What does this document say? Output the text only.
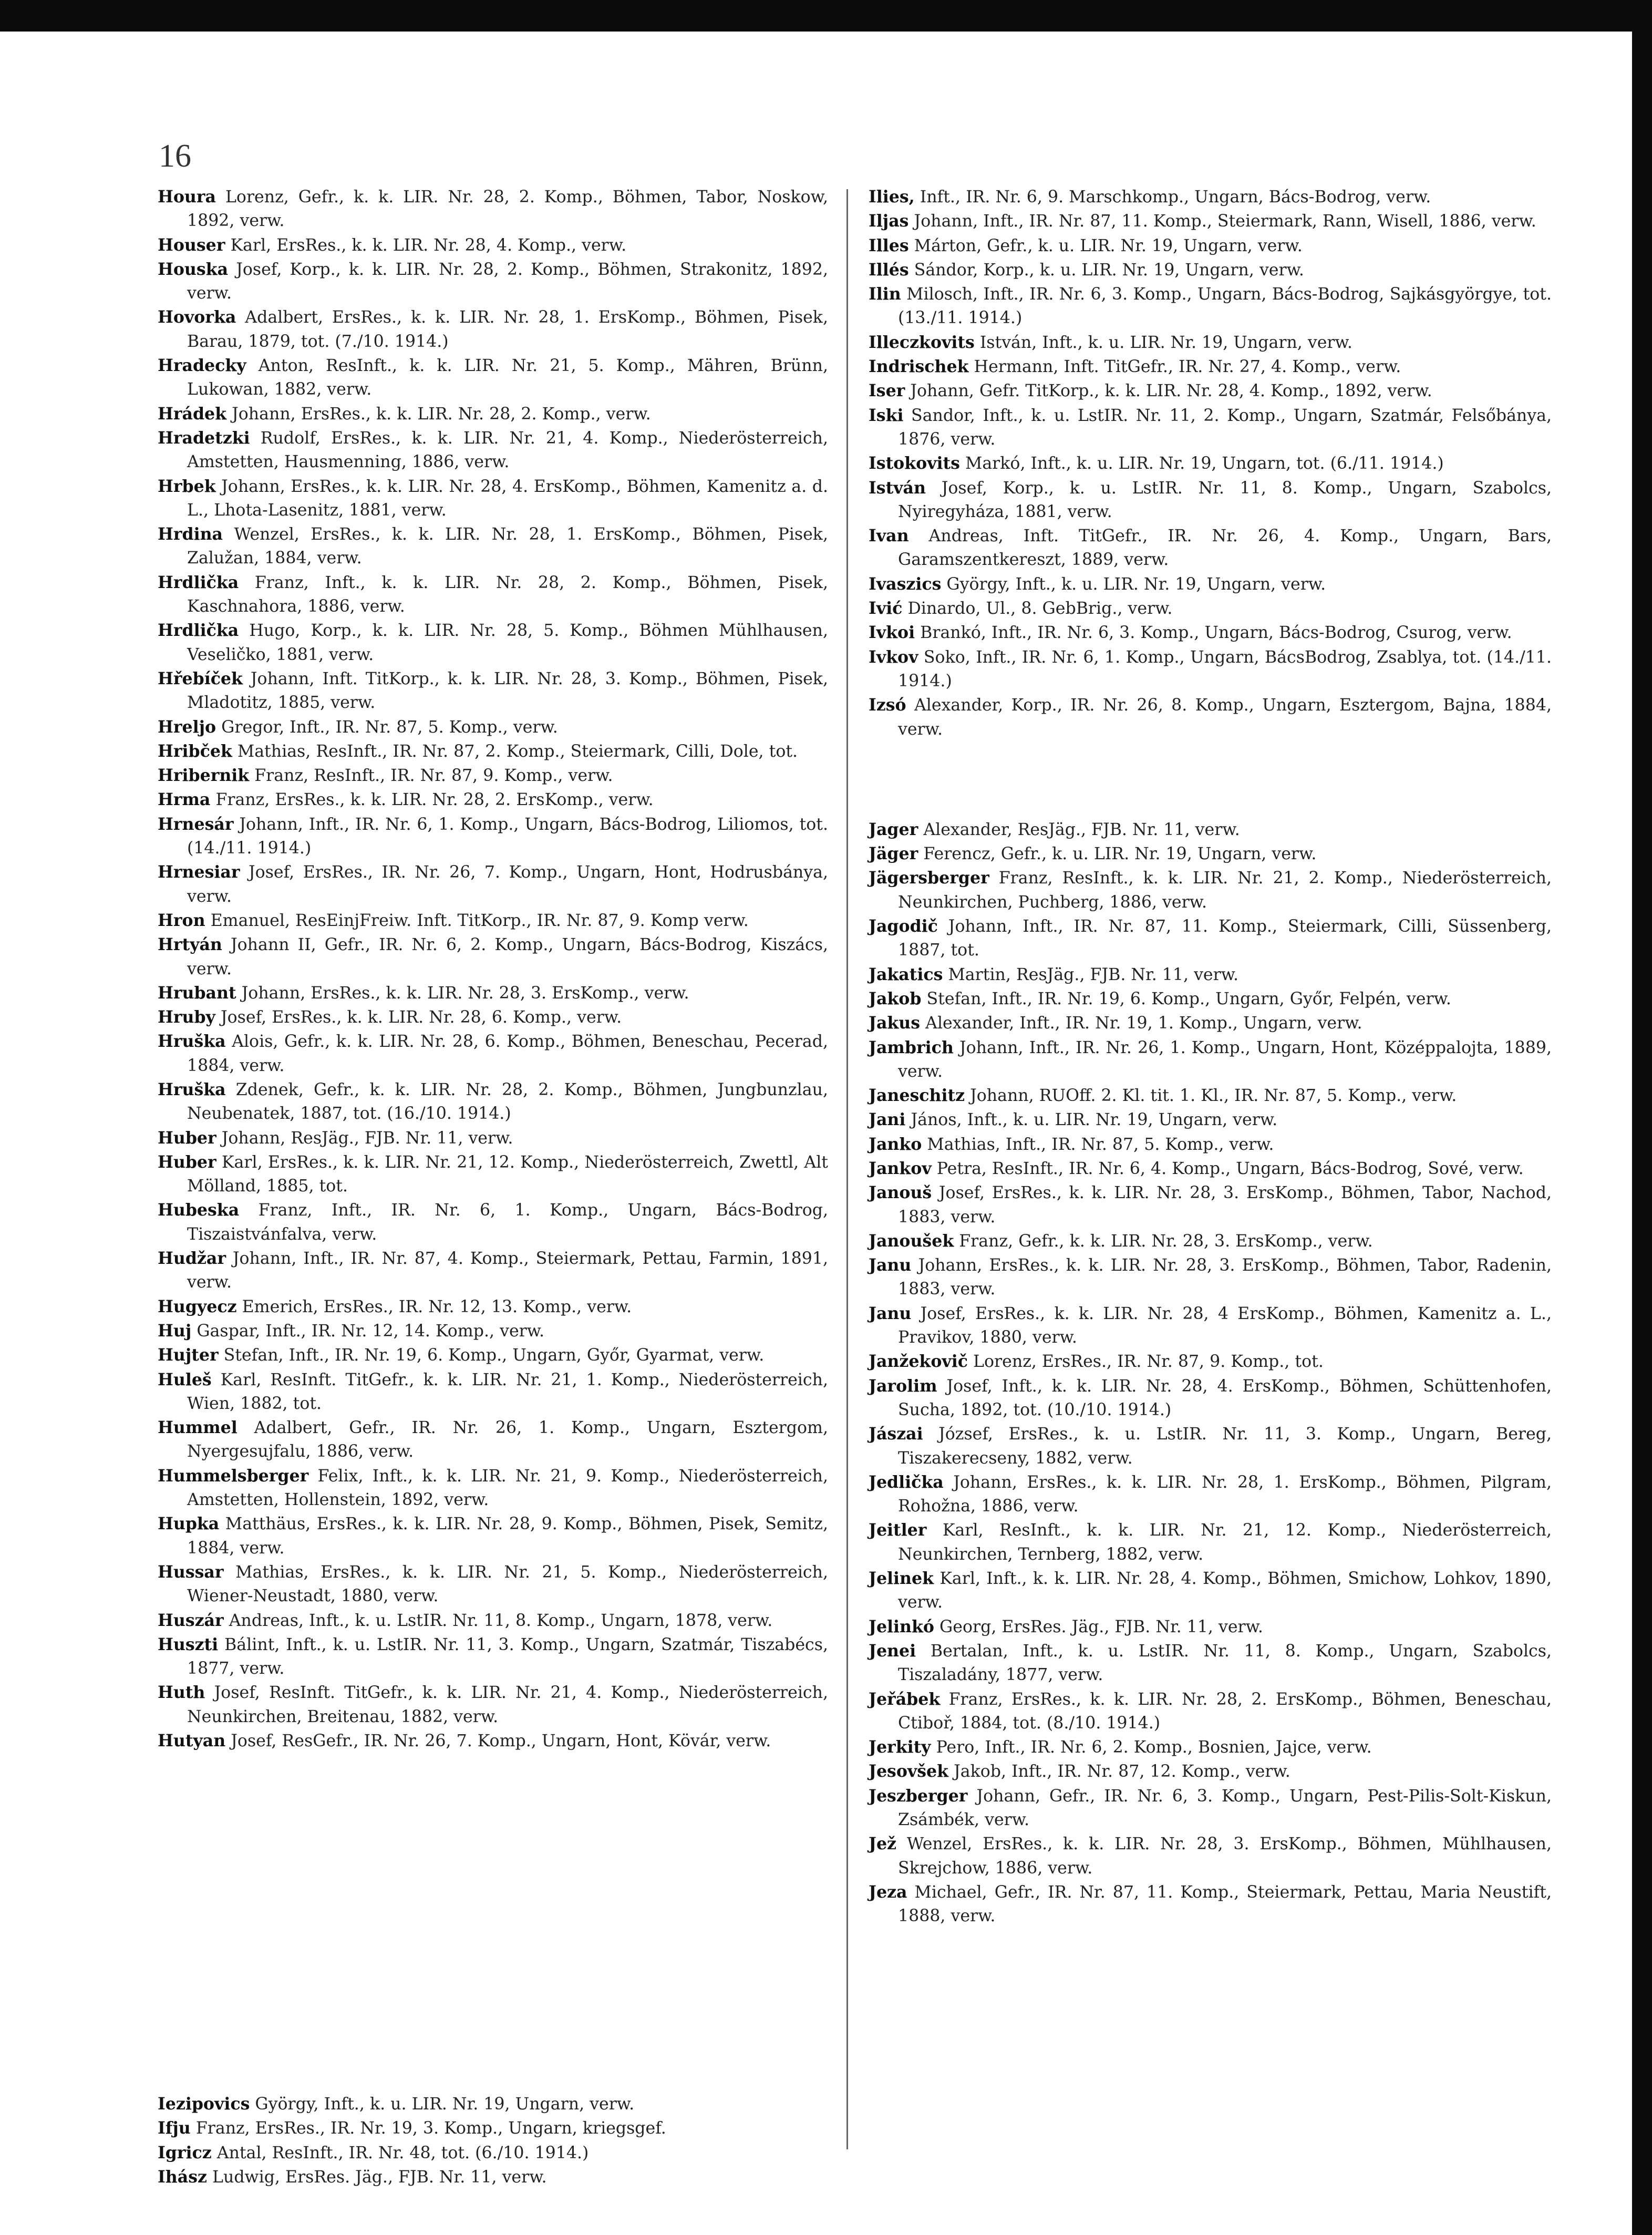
16
Houra Lorenz, Gefr., k. k. LIR. Nr. 28, 2. Komp., Böhmen, Tabor, Noskow, 1892, verw.
Houser Karl, ErsRes., k. k. LIR. Nr. 28, 4. Komp., verw.
Houska Josef, Korp., k. k. LIR. Nr. 28, 2. Komp., Böhmen, Strakonitz, 1892, verw.
Hovorka Adalbert, ErsRes., k. k. LIR. Nr. 28, 1. ErsKomp., Böhmen, Pisek, Barau, 1879, tot. (7./10. 1914.)
Hradecky Anton, ResInft., k. k. LIR. Nr. 21, 5. Komp., Mähren, Brünn, Lukowan, 1882, verw.
Hrádek Johann, ErsRes., k. k. LIR. Nr. 28, 2. Komp., verw.
Hradetzki Rudolf, ErsRes., k. k. LIR. Nr. 21, 4. Komp., Niederösterreich, Amstetten, Hausmenning, 1886, verw.
Hrbek Johann, ErsRes., k. k. LIR. Nr. 28, 4. ErsKomp., Böhmen, Kamenitz a. d. L., Lhota-Lasenitz, 1881, verw.
Hrdina Wenzel, ErsRes., k. k. LIR. Nr. 28, 1. ErsKomp., Böhmen, Pisek, Zalužan, 1884, verw.
Hrdlička Franz, Inft., k. k. LIR. Nr. 28, 2. Komp., Böhmen, Pisek, Kaschnahora, 1886, verw.
Hrdlička Hugo, Korp., k. k. LIR. Nr. 28, 5. Komp., Böhmen Mühlhausen, Veseličko, 1881, verw.
Hřebíček Johann, Inft. TitKorp., k. k. LIR. Nr. 28, 3. Komp., Böhmen, Pisek, Mladotitz, 1885, verw.
Hreljo Gregor, Inft., IR. Nr. 87, 5. Komp., verw.
Hribček Mathias, ResInft., IR. Nr. 87, 2. Komp., Steiermark, Cilli, Dole, tot.
Hribernik Franz, ResInft., IR. Nr. 87, 9. Komp., verw.
Hrma Franz, ErsRes., k. k. LIR. Nr. 28, 2. ErsKomp., verw.
Hrnesár Johann, Inft., IR. Nr. 6, 1. Komp., Ungarn, Bács-Bodrog, Liliomos, tot. (14./11. 1914.)
Hrnesiar Josef, ErsRes., IR. Nr. 26, 7. Komp., Ungarn, Hont, Hodrusbánya, verw.
Hron Emanuel, ResEinjFreiw. Inft. TitKorp., IR. Nr. 87, 9. Komp verw.
Hrtyán Johann II, Gefr., IR. Nr. 6, 2. Komp., Ungarn, Bács-Bodrog, Kiszács, verw.
Hrubant Johann, ErsRes., k. k. LIR. Nr. 28, 3. ErsKomp., verw.
Hruby Josef, ErsRes., k. k. LIR. Nr. 28, 6. Komp., verw.
Hruška Alois, Gefr., k. k. LIR. Nr. 28, 6. Komp., Böhmen, Beneschau, Pecerad, 1884, verw.
Hruška Zdenek, Gefr., k. k. LIR. Nr. 28, 2. Komp., Böhmen, Jungbunzlau, Neubenatek, 1887, tot. (16./10. 1914.)
Huber Johann, ResJäg., FJB. Nr. 11, verw.
Huber Karl, ErsRes., k. k. LIR. Nr. 21, 12. Komp., Niederösterreich, Zwettl, Alt Mölland, 1885, tot.
Hubeska Franz, Inft., IR. Nr. 6, 1. Komp., Ungarn, Bács-Bodrog, Tiszaistvánfalva, verw.
Hudžar Johann, Inft., IR. Nr. 87, 4. Komp., Steiermark, Pettau, Farmin, 1891, verw.
Hugyecz Emerich, ErsRes., IR. Nr. 12, 13. Komp., verw.
Huj Gaspar, Inft., IR. Nr. 12, 14. Komp., verw.
Hujter Stefan, Inft., IR. Nr. 19, 6. Komp., Ungarn, Győr, Gyarmat, verw.
Huleš Karl, ResInft. TitGefr., k. k. LIR. Nr. 21, 1. Komp., Niederösterreich, Wien, 1882, tot.
Hummel Adalbert, Gefr., IR. Nr. 26, 1. Komp., Ungarn, Esztergom, Nyergesujfalu, 1886, verw.
Hummelsberger Felix, Inft., k. k. LIR. Nr. 21, 9. Komp., Niederösterreich, Amstetten, Hollenstein, 1892, verw.
Hupka Matthäus, ErsRes., k. k. LIR. Nr. 28, 9. Komp., Böhmen, Pisek, Semitz, 1884, verw.
Hussar Mathias, ErsRes., k. k. LIR. Nr. 21, 5. Komp., Niederösterreich, Wiener-Neustadt, 1880, verw.
Huszár Andreas, Inft., k. u. LstIR. Nr. 11, 8. Komp., Ungarn, 1878, verw.
Huszti Bálint, Inft., k. u. LstIR. Nr. 11, 3. Komp., Ungarn, Szatmár, Tiszabécs, 1877, verw.
Huth Josef, ResInft. TitGefr., k. k. LIR. Nr. 21, 4. Komp., Niederösterreich, Neunkirchen, Breitenau, 1882, verw.
Hutyan Josef, ResGefr., IR. Nr. 26, 7. Komp., Ungarn, Hont, Kövár, verw.
Iezipovics György, Inft., k. u. LIR. Nr. 19, Ungarn, verw.
Ifju Franz, ErsRes., IR. Nr. 19, 3. Komp., Ungarn, kriegsgef.
Igricz Antal, ResInft., IR. Nr. 48, tot. (6./10. 1914.)
Ihász Ludwig, ErsRes. Jäg., FJB. Nr. 11, verw.
Ilies, Inft., IR. Nr. 6, 9. Marschkomp., Ungarn, Bács-Bodrog, verw.
Iljas Johann, Inft., IR. Nr. 87, 11. Komp., Steiermark, Rann, Wisell, 1886, verw.
Illes Márton, Gefr., k. u. LIR. Nr. 19, Ungarn, verw.
Illés Sándor, Korp., k. u. LIR. Nr. 19, Ungarn, verw.
Ilin Milosch, Inft., IR. Nr. 6, 3. Komp., Ungarn, Bács-Bodrog, Sajkásgyörgye, tot. (13./11. 1914.)
Illeczkovits István, Inft., k. u. LIR. Nr. 19, Ungarn, verw.
Indrischek Hermann, Inft. TitGefr., IR. Nr. 27, 4. Komp., verw.
Iser Johann, Gefr. TitKorp., k. k. LIR. Nr. 28, 4. Komp., 1892, verw.
Iski Sandor, Inft., k. u. LstIR. Nr. 11, 2. Komp., Ungarn, Szatmár, Felsőbánya, 1876, verw.
Istokovits Markó, Inft., k. u. LIR. Nr. 19, Ungarn, tot. (6./11. 1914.)
István Josef, Korp., k. u. LstIR. Nr. 11, 8. Komp., Ungarn, Szabolcs, Nyiregyháza, 1881, verw.
Ivan Andreas, Inft. TitGefr., IR. Nr. 26, 4. Komp., Ungarn, Bars, Garamszentkereszt, 1889, verw.
Ivaszics György, Inft., k. u. LIR. Nr. 19, Ungarn, verw.
Ivić Dinardo, Ul., 8. GebBrig., verw.
Ivkoi Brankó, Inft., IR. Nr. 6, 3. Komp., Ungarn, Bács-Bodrog, Csurog, verw.
Ivkov Soko, Inft., IR. Nr. 6, 1. Komp., Ungarn, BácsBodrog, Zsablya, tot. (14./11. 1914.)
Izsó Alexander, Korp., IR. Nr. 26, 8. Komp., Ungarn, Esztergom, Bajna, 1884, verw.
Jager Alexander, ResJäg., FJB. Nr. 11, verw.
Jäger Ferencz, Gefr., k. u. LIR. Nr. 19, Ungarn, verw.
Jägersberger Franz, ResInft., k. k. LIR. Nr. 21, 2. Komp., Niederösterreich, Neunkirchen, Puchberg, 1886, verw.
Jagodič Johann, Inft., IR. Nr. 87, 11. Komp., Steiermark, Cilli, Süssenberg, 1887, tot.
Jakatics Martin, ResJäg., FJB. Nr. 11, verw.
Jakob Stefan, Inft., IR. Nr. 19, 6. Komp., Ungarn, Győr, Felpén, verw.
Jakus Alexander, Inft., IR. Nr. 19, 1. Komp., Ungarn, verw.
Jambrich Johann, Inft., IR. Nr. 26, 1. Komp., Ungarn, Hont, Középpalojta, 1889, verw.
Janeschitz Johann, RUOff. 2. Kl. tit. 1. Kl., IR. Nr. 87, 5. Komp., verw.
Jani János, Inft., k. u. LIR. Nr. 19, Ungarn, verw.
Janko Mathias, Inft., IR. Nr. 87, 5. Komp., verw.
Jankov Petra, ResInft., IR. Nr. 6, 4. Komp., Ungarn, Bács-Bodrog, Sové, verw.
Janouš Josef, ErsRes., k. k. LIR. Nr. 28, 3. ErsKomp., Böhmen, Tabor, Nachod, 1883, verw.
Janoušek Franz, Gefr., k. k. LIR. Nr. 28, 3. ErsKomp., verw.
Janu Johann, ErsRes., k. k. LIR. Nr. 28, 3. ErsKomp., Böhmen, Tabor, Radenin, 1883, verw.
Janu Josef, ErsRes., k. k. LIR. Nr. 28, 4 ErsKomp., Böhmen, Kamenitz a. L., Pravikov, 1880, verw.
Janžekovič Lorenz, ErsRes., IR. Nr. 87, 9. Komp., tot.
Jarolim Josef, Inft., k. k. LIR. Nr. 28, 4. ErsKomp., Böhmen, Schüttenhofen, Sucha, 1892, tot. (10./10. 1914.)
Jászai József, ErsRes., k. u. LstIR. Nr. 11, 3. Komp., Ungarn, Bereg, Tiszakerecseny, 1882, verw.
Jedlička Johann, ErsRes., k. k. LIR. Nr. 28, 1. ErsKomp., Böhmen, Pilgram, Rohožna, 1886, verw.
Jeitler Karl, ResInft., k. k. LIR. Nr. 21, 12. Komp., Niederösterreich, Neunkirchen, Ternberg, 1882, verw.
Jelinek Karl, Inft., k. k. LIR. Nr. 28, 4. Komp., Böhmen, Smichow, Lohkov, 1890, verw.
Jelinkó Georg, ErsRes. Jäg., FJB. Nr. 11, verw.
Jenei Bertalan, Inft., k. u. LstIR. Nr. 11, 8. Komp., Ungarn, Szabolcs, Tiszaladány, 1877, verw.
Jeřábek Franz, ErsRes., k. k. LIR. Nr. 28, 2. ErsKomp., Böhmen, Beneschau, Ctiboř, 1884, tot. (8./10. 1914.)
Jerkity Pero, Inft., IR. Nr. 6, 2. Komp., Bosnien, Jajce, verw.
Jesovšek Jakob, Inft., IR. Nr. 87, 12. Komp., verw.
Jeszberger Johann, Gefr., IR. Nr. 6, 3. Komp., Ungarn, Pest-Pilis-Solt-Kiskun, Zsámbék, verw.
Jež Wenzel, ErsRes., k. k. LIR. Nr. 28, 3. ErsKomp., Böhmen, Mühlhausen, Skrejchow, 1886, verw.
Jeza Michael, Gefr., IR. Nr. 87, 11. Komp., Steiermark, Pettau, Maria Neustift, 1888, verw.
